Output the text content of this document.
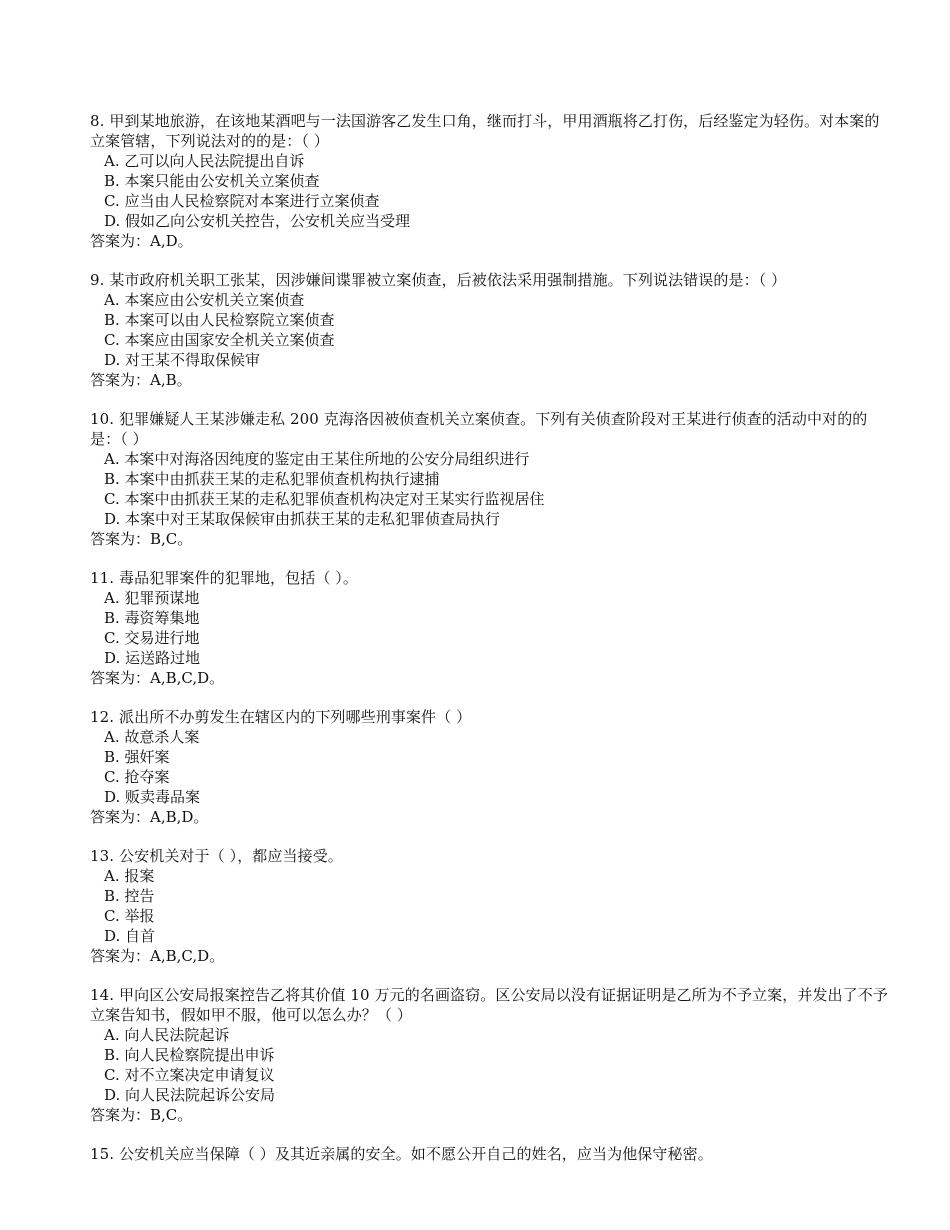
8. 甲到某地旅游，在该地某酒吧与一法国游客乙发生口角，继而打斗，甲用酒瓶将乙打伤，后经鉴定为轻伤。对本案的立案管辖，下列说法对的的是：（ ）

A. 乙可以向人民法院提出自诉
B. 本案只能由公安机关立案侦查
C. 应当由人民检察院对本案进行立案侦查
D. 假如乙向公安机关控告，公安机关应当受理

答案为：A,D。

9. 某市政府机关职工张某，因涉嫌间谍罪被立案侦查，后被依法采用强制措施。下列说法错误的是：（ ）

A. 本案应由公安机关立案侦查
B. 本案可以由人民检察院立案侦查
C. 本案应由国家安全机关立案侦查
D. 对王某不得取保候审

答案为：A,B。

10. 犯罪嫌疑人王某涉嫌走私 200 克海洛因被侦查机关立案侦查。下列有关侦查阶段对王某进行侦查的活动中对的的是：（ ）

A. 本案中对海洛因纯度的鉴定由王某住所地的公安分局组织进行
B. 本案中由抓获王某的走私犯罪侦查机构执行逮捕
C. 本案中由抓获王某的走私犯罪侦查机构决定对王某实行监视居住
D. 本案中对王某取保候审由抓获王某的走私犯罪侦查局执行

答案为：B,C。

11. 毒品犯罪案件的犯罪地，包括（ ）。

A. 犯罪预谋地
B. 毒资筹集地
C. 交易进行地
D. 运送路过地

答案为：A,B,C,D。

12. 派出所不办剪发生在辖区内的下列哪些刑事案件（ ）

A. 故意杀人案
B. 强奸案
C. 抢夺案
D. 贩卖毒品案

答案为：A,B,D。

13. 公安机关对于（ ），都应当接受。

A. 报案
B. 控告
C. 举报
D. 自首

答案为：A,B,C,D。

14. 甲向区公安局报案控告乙将其价值 10 万元的名画盗窃。区公安局以没有证据证明是乙所为不予立案，并发出了不予立案告知书，假如甲不服，他可以怎么办？（ ）

A. 向人民法院起诉
B. 向人民检察院提出申诉
C. 对不立案决定申请复议
D. 向人民法院起诉公安局

答案为：B,C。

15. 公安机关应当保障（ ）及其近亲属的安全。如不愿公开自己的姓名，应当为他保守秘密。
